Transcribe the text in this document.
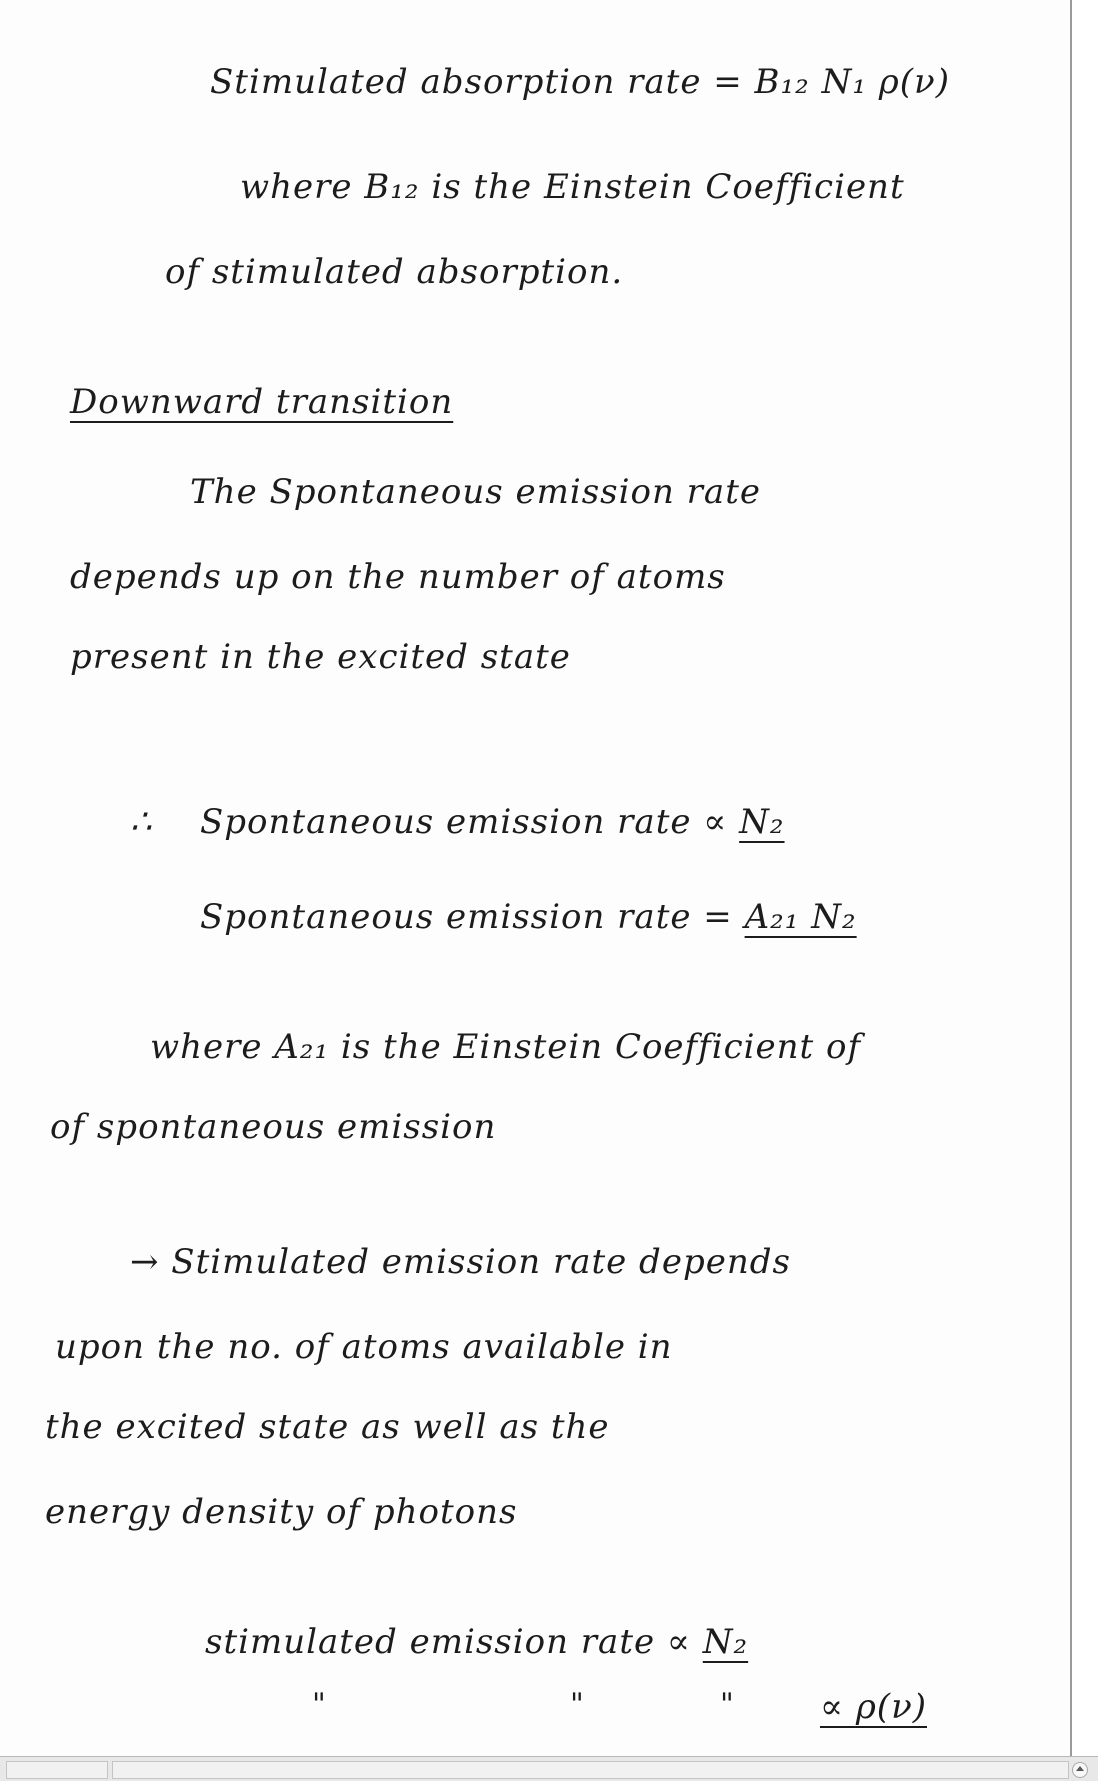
Stimulated absorption rate = B₁₂ N₁ ρ(ν)
where B₁₂ is the Einstein Coefficient
of stimulated absorption.
Downward transition
The Spontaneous emission rate
depends up on the number of atoms
present in the excited state
∴ Spontaneous emission rate ∝ N₂
Spontaneous emission rate = A₂₁ N₂
where A₂₁ is the Einstein Coefficient of
of spontaneous emission
→ Stimulated emission rate depends
upon the no. of atoms available in
the excited state as well as the
energy density of photons
stimulated emission rate ∝ N₂
"	"	"	∝ ρ(ν)
